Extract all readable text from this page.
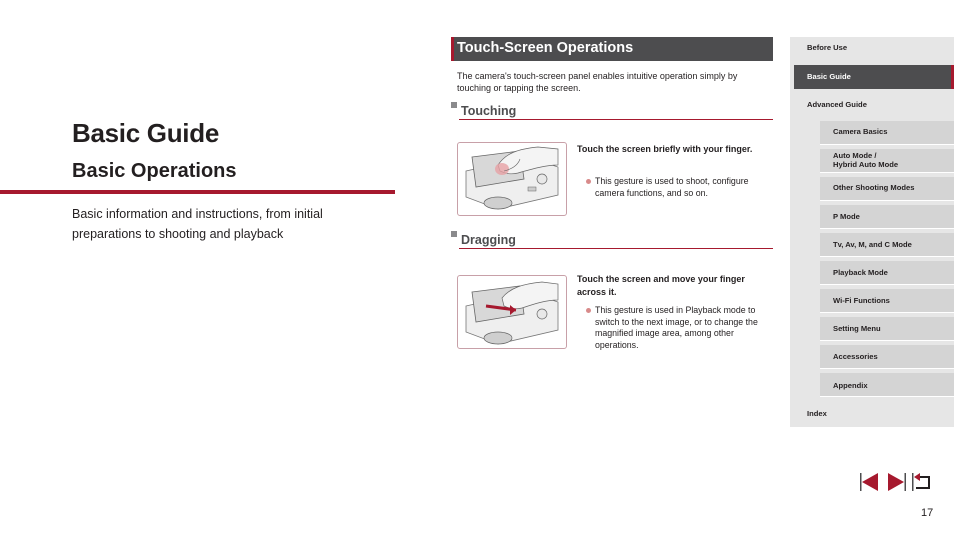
Basic Guide
Basic Operations
Basic information and instructions, from initial preparations to shooting and playback
Touch-Screen Operations
The camera's touch-screen panel enables intuitive operation simply by touching or tapping the screen.
Touching
Touch the screen briefly with your finger.
This gesture is used to shoot, configure camera functions, and so on.
Dragging
Touch the screen and move your finger across it.
This gesture is used in Playback mode to switch to the next image, or to change the magnified image area, among other operations.
Before Use
Basic Guide
Advanced Guide
Camera Basics
Auto Mode /
Hybrid Auto Mode
Other Shooting Modes
P Mode
Tv, Av, M, and C Mode
Playback Mode
Wi-Fi Functions
Setting Menu
Accessories
Appendix
Index
17
